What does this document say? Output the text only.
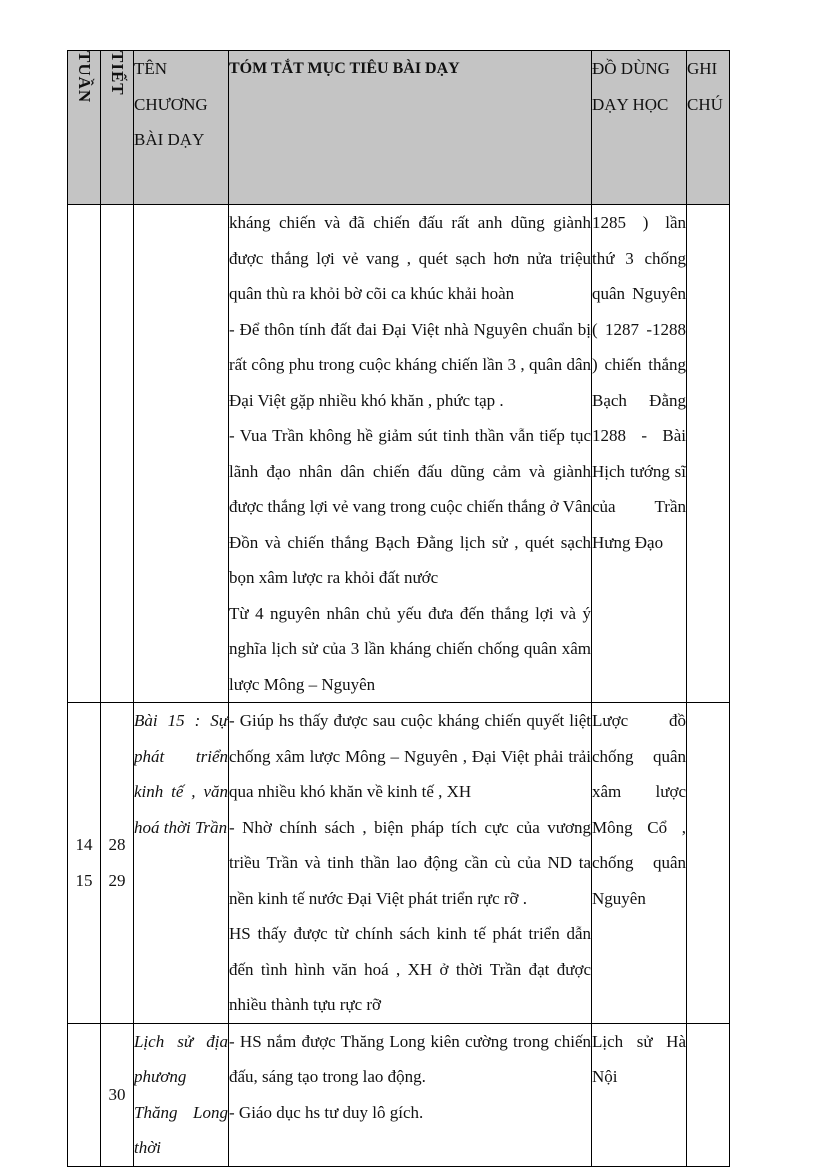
TUẦN	TIẾT	TÊN CHƯƠNG BÀI DẠY	TÓM TẮT MỤC TIÊU BÀI DẠY	ĐỒ DÙNG DẠY HỌC	GHI CHÚ

			kháng chiến và đã chiến đấu rất anh dũng giành được thắng lợi vẻ vang , quét sạch hơn nửa triệu quân thù ra khỏi bờ cõi ca khúc khải hoàn
- Để thôn tính đất đai Đại Việt nhà Nguyên chuẩn bị rất công phu trong cuộc kháng chiến lần 3 , quân dân Đại Việt gặp nhiều khó khăn , phức tạp .
- Vua Trần không hề giảm sút tinh thần vẫn tiếp tục lãnh đạo nhân dân chiến đấu dũng cảm và giành được thắng lợi vẻ vang trong cuộc chiến thắng ở Vân Đồn và chiến thắng Bạch Đằng lịch sử , quét sạch bọn xâm lược ra khỏi đất nước
Từ 4 nguyên nhân chủ yếu đưa đến thắng lợi và ý nghĩa lịch sử của 3 lần kháng chiến chống quân xâm lược Mông – Nguyên	1285 ) lần thứ 3 chống quân Nguyên ( 1287 -1288 ) chiến thắng Bạch Đằng 1288 - Bài Hịch tướng sĩ của Trần Hưng Đạo	
14 15	28 29	Bài 15 : Sự phát triển kinh tế , văn hoá thời Trần	- Giúp hs thấy được sau cuộc kháng chiến quyết liệt chống xâm lược Mông – Nguyên , Đại Việt phải trải qua nhiều khó khăn về kinh tế , XH
- Nhờ chính sách , biện pháp tích cực của vương triều Trần và tinh thần lao động cần cù của ND ta nền kinh tế nước Đại Việt phát triển rực rỡ .
HS thấy được từ chính sách kinh tế phát triển dẫn đến tình hình văn hoá , XH ở thời Trần đạt được nhiều thành tựu rực rỡ	Lược đồ chống quân xâm lược Mông Cổ , chống quân Nguyên	
	30	Lịch sử địa phương Thăng Long thời	- HS nắm được Thăng Long kiên cường trong chiến đấu, sáng tạo trong lao động.
- Giáo dục hs tư duy lô gích.	Lịch sử Hà Nội	
